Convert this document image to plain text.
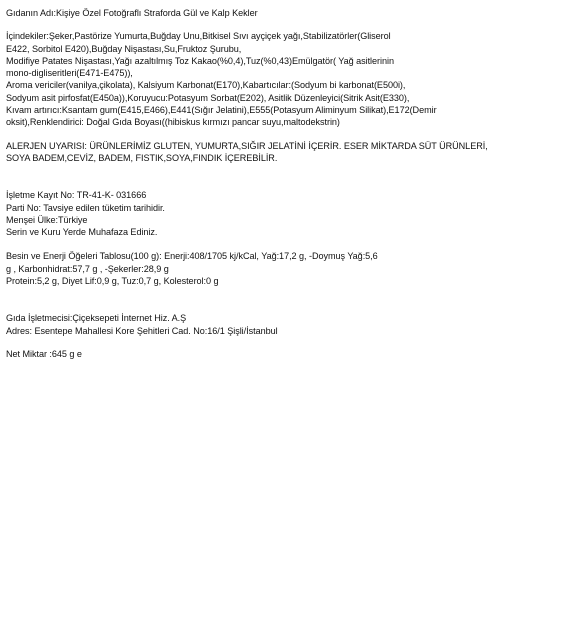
Gıdanın Adı:Kişiye Özel Fotoğraflı Straforda Gül ve Kalp Kekler
İçindekiler:Şeker,Pastörize Yumurta,Buğday Unu,Bitkisel Sıvı ayçiçek yağı,Stabilizatörler(Gliserol
E422, Sorbitol E420),Buğday Nişastası,Su,Fruktoz Şurubu,
Modifiye Patates Nişastası,Yağı azaltılmış Toz Kakao(%0,4),Tuz(%0,43)Emülgatör( Yağ asitlerinin
mono-digliseritleri(E471-E475)),
Aroma vericiler(vanilya,çikolata), Kalsiyum Karbonat(E170),Kabartıcılar:(Sodyum bi karbonat(E500i),
Sodyum asit pirfosfat(E450a)),Koruyucu:Potasyum Sorbat(E202), Asitlik Düzenleyici(Sitrik Asit(E330),
Kıvam artırıcı:Ksantam gum(E415,E466),E441(Sığır Jelatini),E555(Potasyum Aliminyum Silikat),E172(Demir
oksit),Renklendirici: Doğal Gıda Boyası((hibiskus kırmızı pancar suyu,maltodekstrin)
ALERJEN UYARISI: ÜRÜNLERİMİZ GLUTEN, YUMURTA,SIĞIR JELATİNİ İÇERİR. ESER MİKTARDA SÜT ÜRÜNLERİ,
SOYA BADEM,CEVİZ, BADEM, FISTIK,SOYA,FINDIK İÇEREBİLİR.
İşletme Kayıt No: TR-41-K- 031666
Parti No: Tavsiye edilen tüketim tarihidir.
Menşei Ülke:Türkiye
Serin ve Kuru Yerde Muhafaza Ediniz.
Besin ve Enerji Öğeleri Tablosu(100 g): Enerji:408/1705 kj/kCal, Yağ:17,2 g, -Doymuş Yağ:5,6
g , Karbonhidrat:57,7 g , -Şekerler:28,9 g
Protein:5,2 g, Diyet Lif:0,9 g, Tuz:0,7 g, Kolesterol:0 g
Gıda İşletmecisi:Çiçeksepeti İnternet Hiz. A.Ş
Adres: Esentepe Mahallesi Kore Şehitleri Cad. No:16/1 Şişli/İstanbul
Net Miktar :645 g e
